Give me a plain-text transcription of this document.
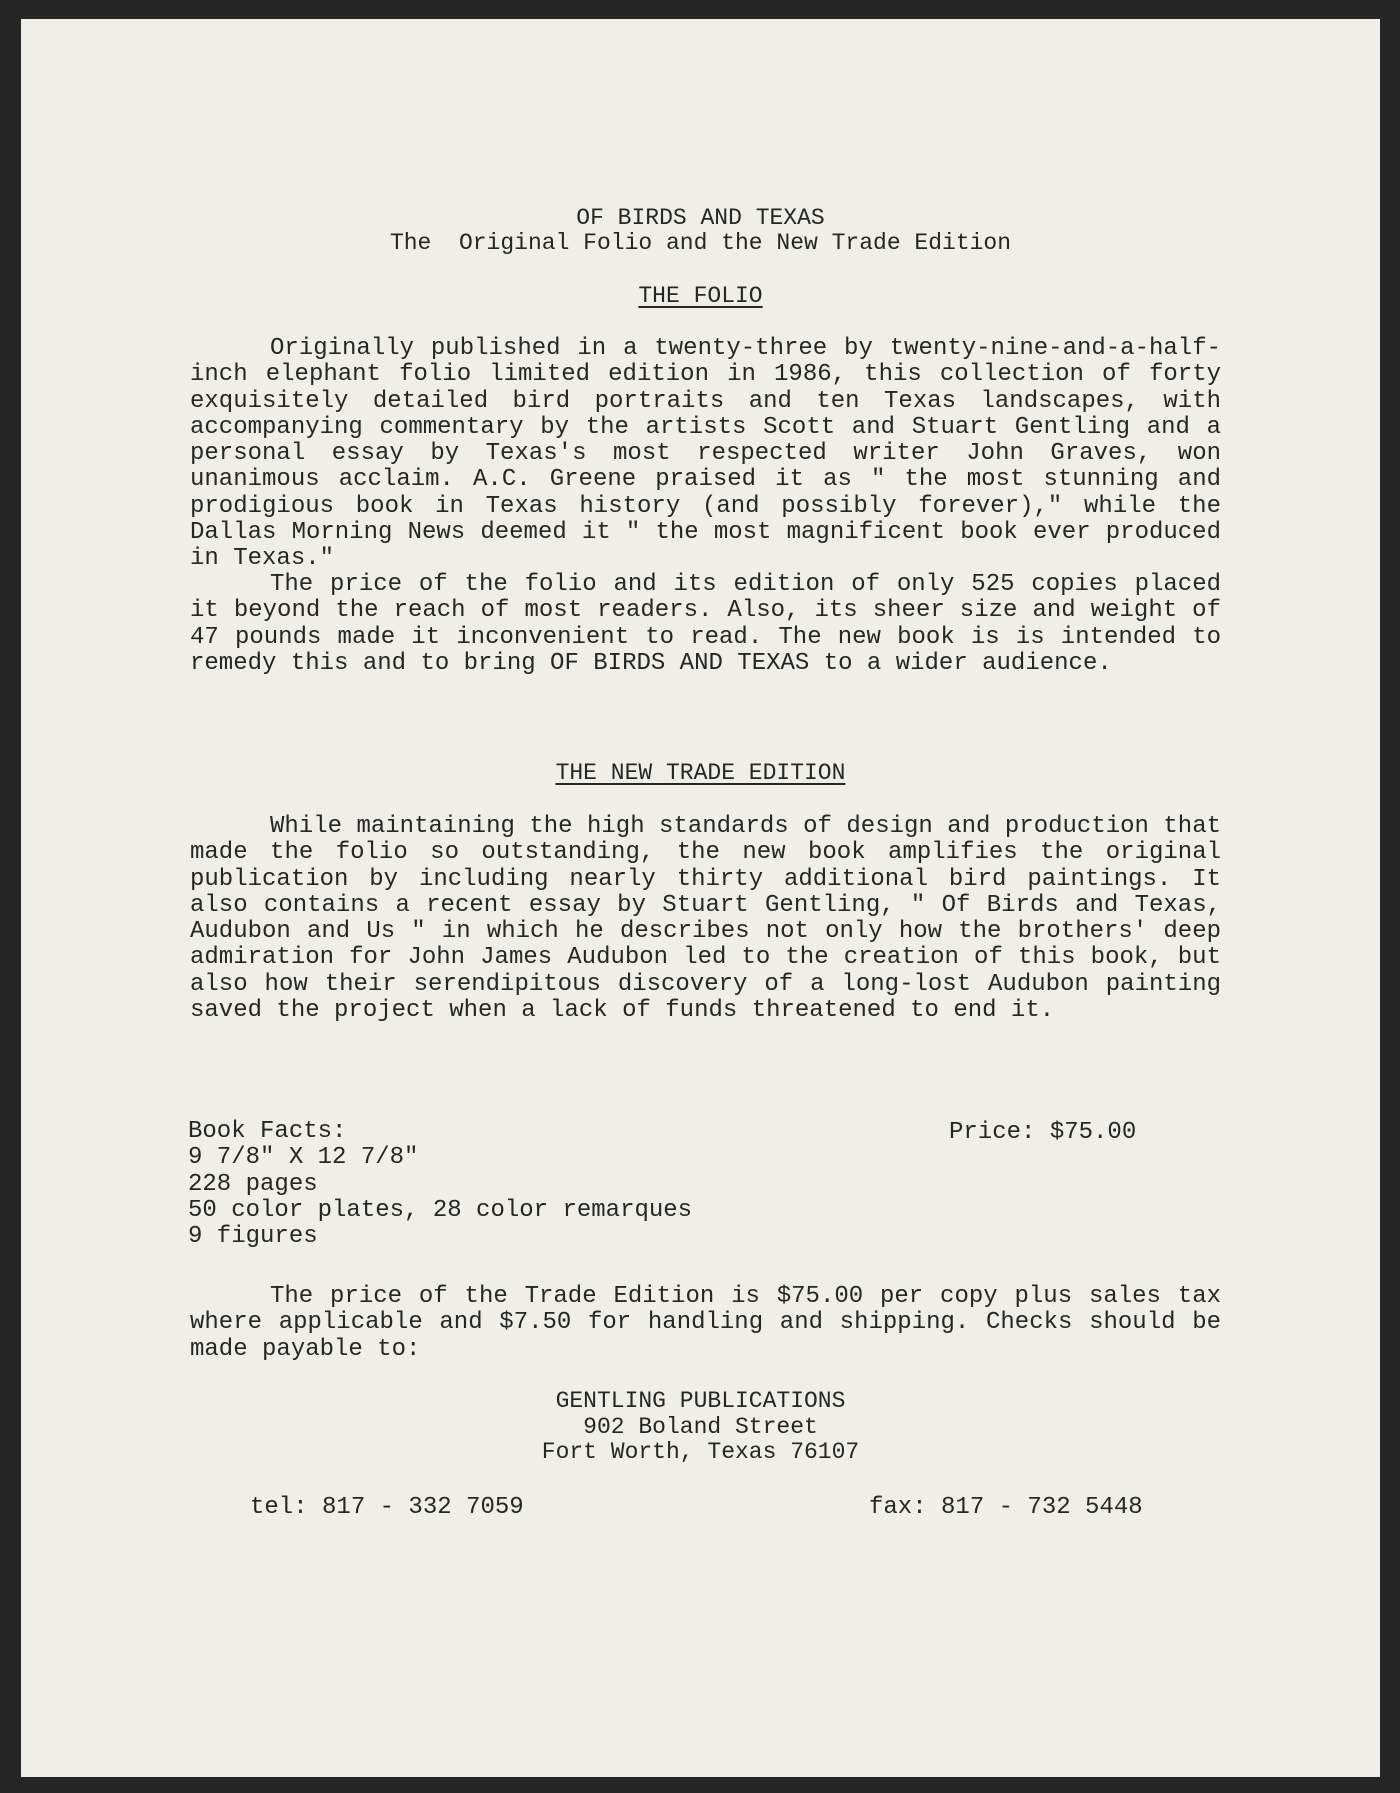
OF BIRDS AND TEXAS
The  Original Folio and the New Trade Edition
THE FOLIO
Originally published in a twenty-three by twenty-nine-and-a-half-inch elephant folio limited edition in 1986, this collection of forty exquisitely detailed bird portraits and ten Texas landscapes, with accompanying commentary by the artists Scott and Stuart Gentling and a personal essay by Texas's most respected writer John Graves, won unanimous acclaim. A.C. Greene praised it as " the most stunning and prodigious book in Texas history (and possibly forever)," while the Dallas Morning News deemed it " the most magnificent book ever produced in Texas."
The price of the folio and its edition of only 525 copies placed it beyond the reach of most readers. Also, its sheer size and weight of 47 pounds made it inconvenient to read. The new book is is intended to remedy this and to bring OF BIRDS AND TEXAS to a wider audience.
THE NEW TRADE EDITION
While maintaining the high standards of design and production that made the folio so outstanding, the new book amplifies the original publication by including nearly thirty additional bird paintings. It also contains a recent essay by Stuart Gentling, " Of Birds and Texas, Audubon and Us " in which he describes not only how the brothers' deep admiration for John James Audubon led to the creation of this book, but also how their serendipitous discovery of a long-lost Audubon painting saved the project when a lack of funds threatened to end it.
Book Facts:
9 7/8" X 12 7/8"
228 pages
50 color plates, 28 color remarques
9 figures
Price: $75.00
The price of the Trade Edition is $75.00 per copy plus sales tax where applicable and $7.50 for handling and shipping. Checks should be made payable to:
GENTLING PUBLICATIONS
902 Boland Street
Fort Worth, Texas 76107
tel: 817 - 332 7059	fax: 817 - 732 5448
